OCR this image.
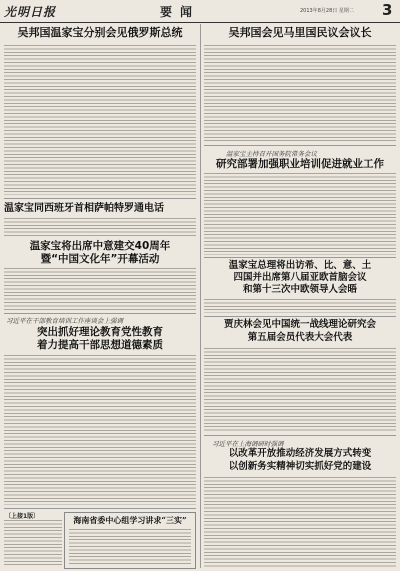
光明日报	要闻	2013年8月28日 星期二 3
吴邦国温家宝分别会见俄罗斯总统
温家宝同西班牙首相萨帕特罗通电话
温家宝将出席中意建交40周年
暨“中国文化年”开幕活动
习近平在干部教育培训工作座谈会上强调
突出抓好理论教育党性教育
着力提高干部思想道德素质
〔上接1版〕	海南省委中心组学习讲求“三实”
吴邦国会见马里国民议会议长
温家宝主持召开国务院常务会议
研究部署加强职业培训促进就业工作
温家宝总理将出访希、比、意、土
四国并出席第八届亚欧首脑会议
和第十三次中欧领导人会晤
贾庆林会见中国统一战线理论研究会
第五届会员代表大会代表
习近平在上海调研时强调
以改革开放推动经济发展方式转变
以创新务实精神切实抓好党的建设
